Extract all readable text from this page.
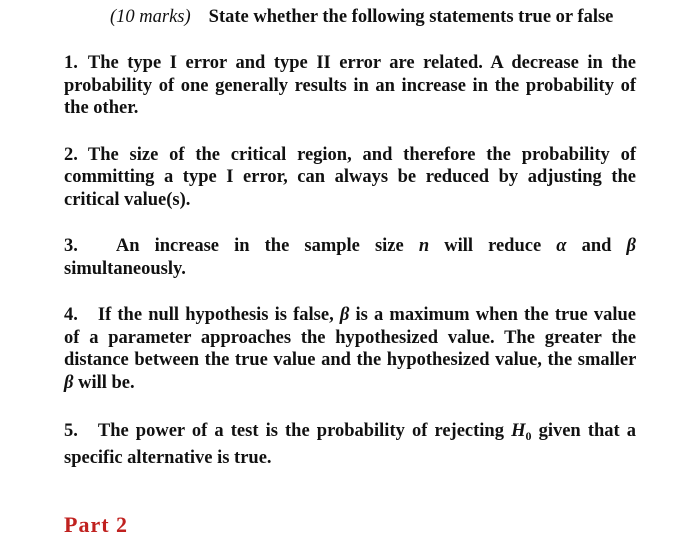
(10 marks) State whether the following statements true or false

1. The type I error and type II error are related. A decrease in the probability of one generally results in an increase in the probability of the other.

2. The size of the critical region, and therefore the probability of committing a type I error, can always be reduced by adjusting the critical value(s).

3. An increase in the sample size n will reduce α and β simultaneously.

4. If the null hypothesis is false, β is a maximum when the true value of a parameter approaches the hypothesized value. The greater the distance between the true value and the hypothesized value, the smaller β will be.

5. The power of a test is the probability of rejecting $H_0$ given that a specific alternative is true.

Part 2
